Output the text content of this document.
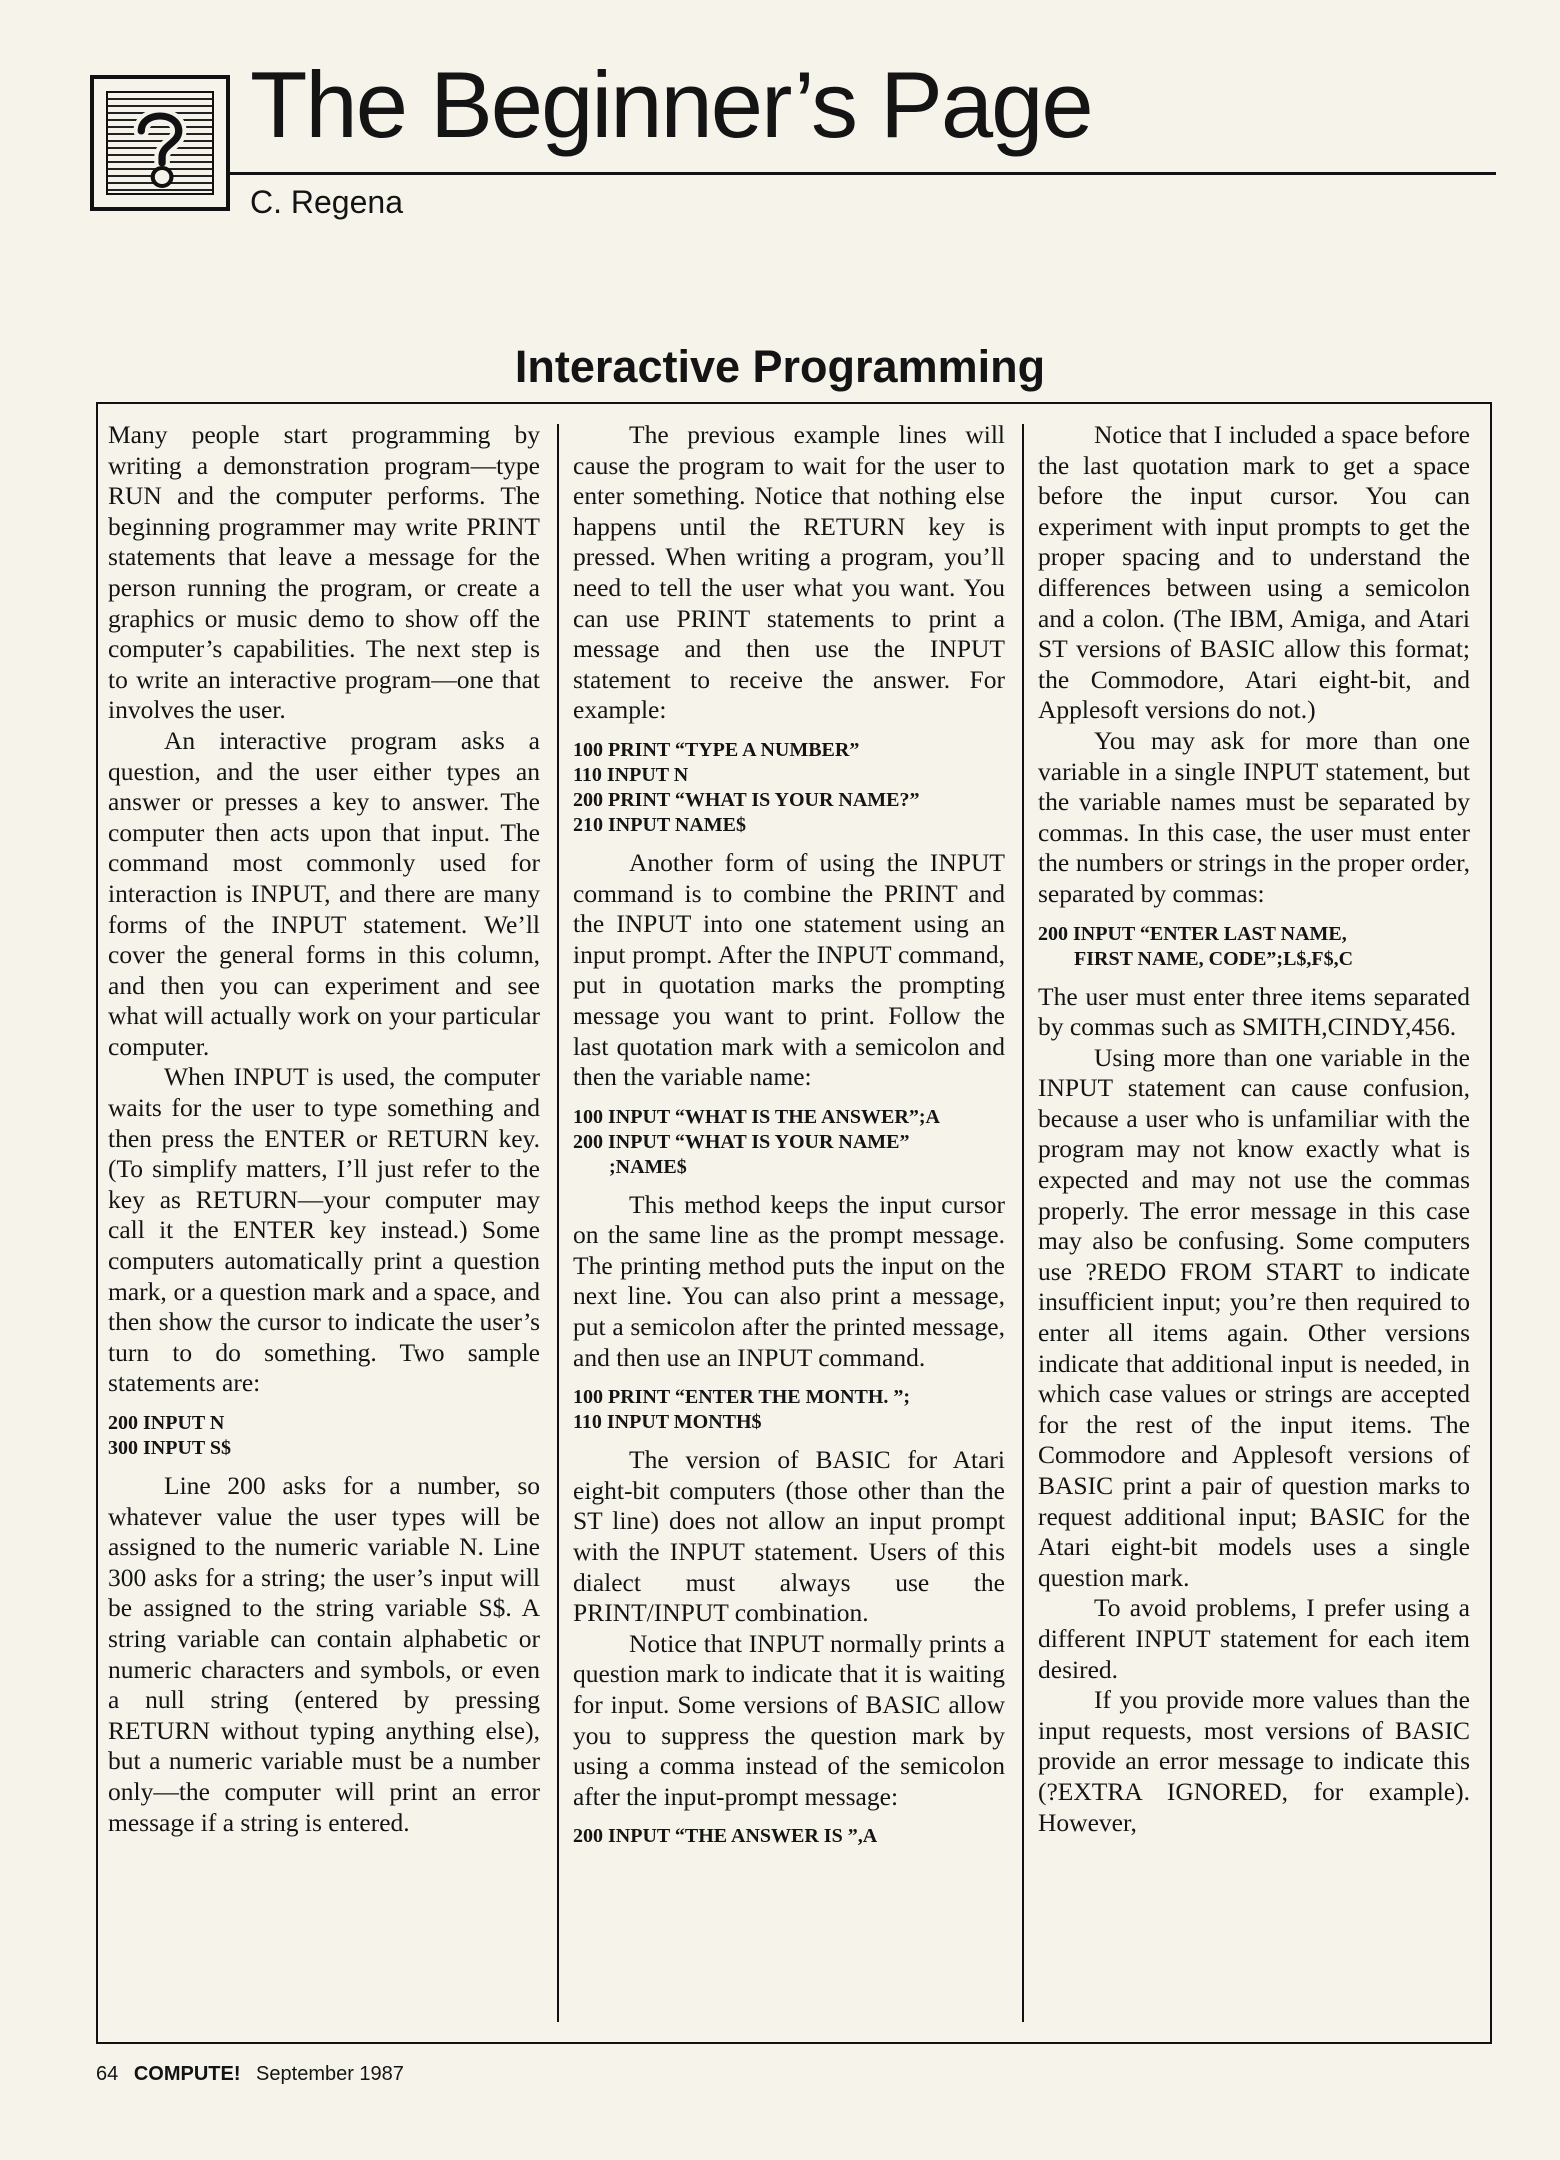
The Beginner’s Page
C. Regena
Interactive Programming

Many people start programming by writing a demonstration program—type RUN and the computer performs. The beginning programmer may write PRINT statements that leave a message for the person running the program, or create a graphics or music demo to show off the computer’s capabilities. The next step is to write an interactive program—one that involves the user.

An interactive program asks a question, and the user either types an answer or presses a key to answer. The computer then acts upon that input. The command most commonly used for interaction is INPUT, and there are many forms of the INPUT statement. We’ll cover the general forms in this column, and then you can experiment and see what will actually work on your particular computer.

When INPUT is used, the computer waits for the user to type something and then press the ENTER or RETURN key. (To simplify matters, I’ll just refer to the key as RETURN—your computer may call it the ENTER key instead.) Some computers automatically print a question mark, or a question mark and a space, and then show the cursor to indicate the user’s turn to do something. Two sample statements are:

200 INPUT N
300 INPUT S$

Line 200 asks for a number, so whatever value the user types will be assigned to the numeric variable N. Line 300 asks for a string; the user’s input will be assigned to the string variable S$. A string variable can contain alphabetic or numeric characters and symbols, or even a null string (entered by pressing RETURN without typing anything else), but a numeric variable must be a number only—the computer will print an error message if a string is entered.

The previous example lines will cause the program to wait for the user to enter something. Notice that nothing else happens until the RETURN key is pressed. When writing a program, you’ll need to tell the user what you want. You can use PRINT statements to print a message and then use the INPUT statement to receive the answer. For example:

100 PRINT “TYPE A NUMBER”
110 INPUT N
200 PRINT “WHAT IS YOUR NAME?”
210 INPUT NAME$

Another form of using the INPUT command is to combine the PRINT and the INPUT into one statement using an input prompt. After the INPUT command, put in quotation marks the prompting message you want to print. Follow the last quotation mark with a semicolon and then the variable name:

100 INPUT “WHAT IS THE ANSWER”;A
200 INPUT “WHAT IS YOUR NAME”
;NAME$

This method keeps the input cursor on the same line as the prompt message. The printing method puts the input on the next line. You can also print a message, put a semicolon after the printed message, and then use an INPUT command.

100 PRINT “ENTER THE MONTH. ”;
110 INPUT MONTH$

The version of BASIC for Atari eight-bit computers (those other than the ST line) does not allow an input prompt with the INPUT statement. Users of this dialect must always use the PRINT/INPUT combination.

Notice that INPUT normally prints a question mark to indicate that it is waiting for input. Some versions of BASIC allow you to suppress the question mark by using a comma instead of the semicolon after the input-prompt message:

200 INPUT “THE ANSWER IS ”,A

Notice that I included a space before the last quotation mark to get a space before the input cursor. You can experiment with input prompts to get the proper spacing and to understand the differences between using a semicolon and a colon. (The IBM, Amiga, and Atari ST versions of BASIC allow this format; the Commodore, Atari eight-bit, and Applesoft versions do not.)

You may ask for more than one variable in a single INPUT statement, but the variable names must be separated by commas. In this case, the user must enter the numbers or strings in the proper order, separated by commas:

200 INPUT “ENTER LAST NAME,
FIRST NAME, CODE”;L$,F$,C

The user must enter three items separated by commas such as SMITH,CINDY,456.

Using more than one variable in the INPUT statement can cause confusion, because a user who is unfamiliar with the program may not know exactly what is expected and may not use the commas properly. The error message in this case may also be confusing. Some computers use ?REDO FROM START to indicate insufficient input; you’re then required to enter all items again. Other versions indicate that additional input is needed, in which case values or strings are accepted for the rest of the input items. The Commodore and Applesoft versions of BASIC print a pair of question marks to request additional input; BASIC for the Atari eight-bit models uses a single question mark.

To avoid problems, I prefer using a different INPUT statement for each item desired.

If you provide more values than the input requests, most versions of BASIC provide an error message to indicate this (?EXTRA IGNORED, for example). However,

64 COMPUTE! September 1987
